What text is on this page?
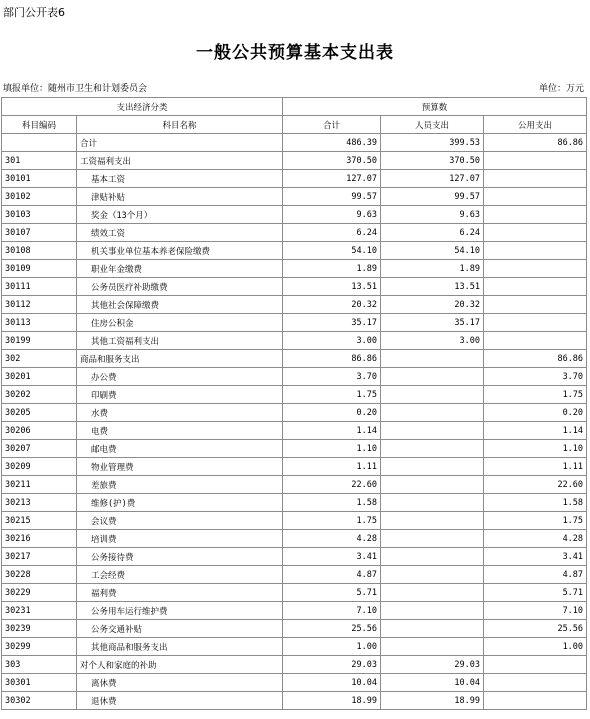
部门公开表6
一般公共预算基本支出表
填报单位：随州市卫生和计划委员会	单位：万元
支出经济分类		预算数		
科目编码	科目名称	合计	人员支出	公用支出
	合计	486.39	399.53	86.86
301	工资福利支出	370.50	370.50	
30101	基本工资	127.07	127.07	
30102	津贴补贴	99.57	99.57	
30103	奖金（13个月）	9.63	9.63	
30107	绩效工资	6.24	6.24	
30108	机关事业单位基本养老保险缴费	54.10	54.10	
30109	职业年金缴费	1.89	1.89	
30111	公务员医疗补助缴费	13.51	13.51	
30112	其他社会保障缴费	20.32	20.32	
30113	住房公积金	35.17	35.17	
30199	其他工资福利支出	3.00	3.00	
302	商品和服务支出	86.86		86.86
30201	办公费	3.70		3.70
30202	印刷费	1.75		1.75
30205	水费	0.20		0.20
30206	电费	1.14		1.14
30207	邮电费	1.10		1.10
30209	物业管理费	1.11		1.11
30211	差旅费	22.60		22.60
30213	维修(护)费	1.58		1.58
30215	会议费	1.75		1.75
30216	培训费	4.28		4.28
30217	公务接待费	3.41		3.41
30228	工会经费	4.87		4.87
30229	福利费	5.71		5.71
30231	公务用车运行维护费	7.10		7.10
30239	公务交通补贴	25.56		25.56
30299	其他商品和服务支出	1.00		1.00
303	对个人和家庭的补助	29.03	29.03	
30301	离休费	10.04	10.04	
30302	退休费	18.99	18.99	
